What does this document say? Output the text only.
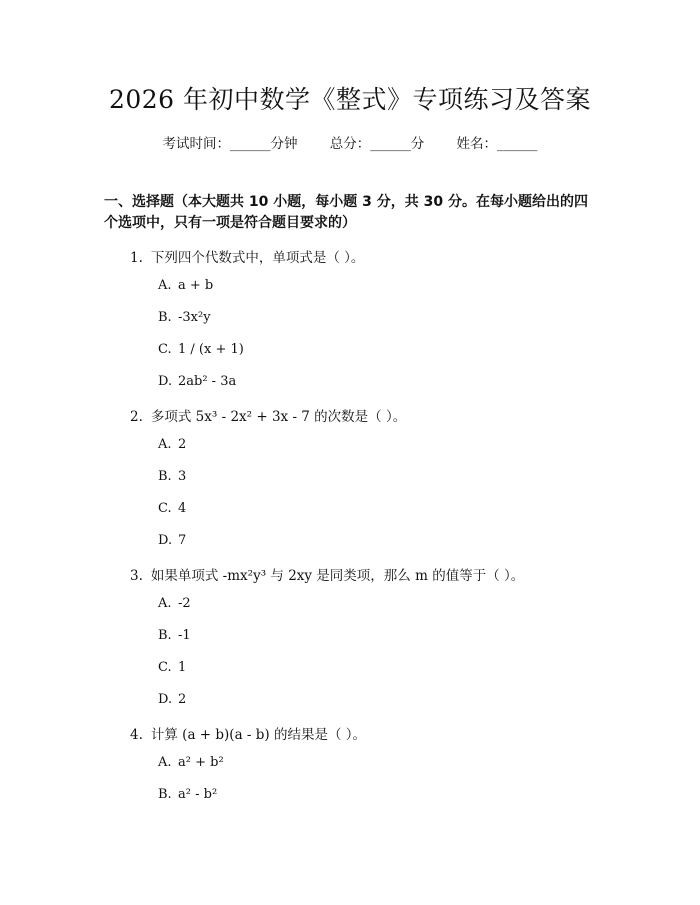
2026 年初中数学《整式》专项练习及答案
考试时间：______分钟 总分：______分 姓名：______
一、选择题（本大题共 10 小题，每小题 3 分，共 30 分。在每小题给出的四个选项中，只有一项是符合题目要求的）
1. 下列四个代数式中，单项式是（ ）。
A. a + b
B. -3x²y
C. 1 / (x + 1)
D. 2ab² - 3a
2. 多项式 5x³ - 2x² + 3x - 7 的次数是（ ）。
A. 2
B. 3
C. 4
D. 7
3. 如果单项式 -mx²y³ 与 2xy 是同类项，那么 m 的值等于（ ）。
A. -2
B. -1
C. 1
D. 2
4. 计算 (a + b)(a - b) 的结果是（ ）。
A. a² + b²
B. a² - b²
